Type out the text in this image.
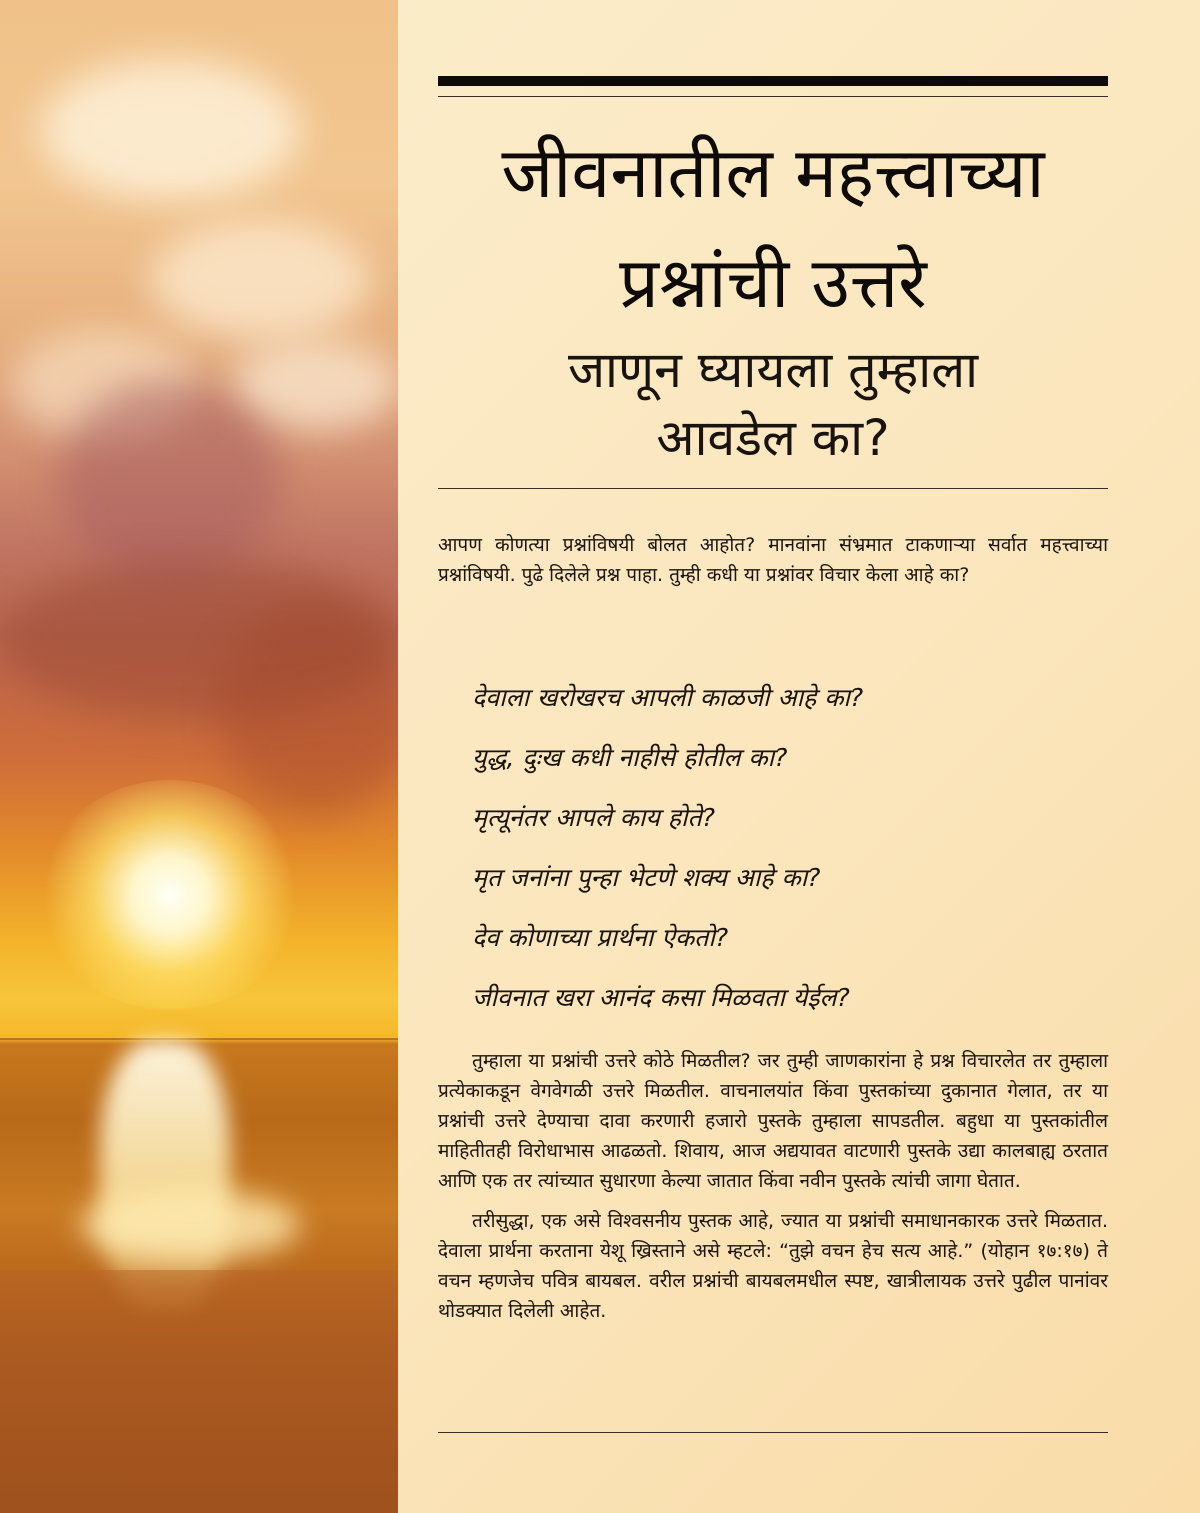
जीवनातील महत्त्वाच्या
प्रश्नांची उत्तरे
जाणून घ्यायला तुम्हाला
आवडेल का?

आपण कोणत्या प्रश्नांविषयी बोलत आहोत? मानवांना संभ्रमात टाकणाऱ्या सर्वात महत्त्वाच्या प्रश्नांविषयी. पुढे दिलेले प्रश्न पाहा. तुम्ही कधी या प्रश्नांवर विचार केला आहे का?

देवाला खरोखरच आपली काळजी आहे का?
युद्ध, दुःख कधी नाहीसे होतील का?
मृत्यूनंतर आपले काय होते?
मृत जनांना पुन्हा भेटणे शक्य आहे का?
देव कोणाच्या प्रार्थना ऐकतो?
जीवनात खरा आनंद कसा मिळवता येईल?

तुम्हाला या प्रश्नांची उत्तरे कोठे मिळतील? जर तुम्ही जाणकारांना हे प्रश्न विचारलेत तर तुम्हाला प्रत्येकाकडून वेगवेगळी उत्तरे मिळतील. वाचनालयांत किंवा पुस्तकांच्या दुकानात गेलात, तर या प्रश्नांची उत्तरे देण्याचा दावा करणारी हजारो पुस्तके तुम्हाला सापडतील. बहुधा या पुस्तकांतील माहितीतही विरोधाभास आढळतो. शिवाय, आज अद्ययावत वाटणारी पुस्तके उद्या कालबाह्य ठरतात आणि एक तर त्यांच्यात सुधारणा केल्या जातात किंवा नवीन पुस्तके त्यांची जागा घेतात.

तरीसुद्धा, एक असे विश्वसनीय पुस्तक आहे, ज्यात या प्रश्नांची समाधानकारक उत्तरे मिळतात. देवाला प्रार्थना करताना येशू ख्रिस्ताने असे म्हटले: “तुझे वचन हेच सत्य आहे.” (योहान १७:१७) ते वचन म्हणजेच पवित्र बायबल. वरील प्रश्नांची बायबलमधील स्पष्ट, खात्रीलायक उत्तरे पुढील पानांवर थोडक्यात दिलेली आहेत.
